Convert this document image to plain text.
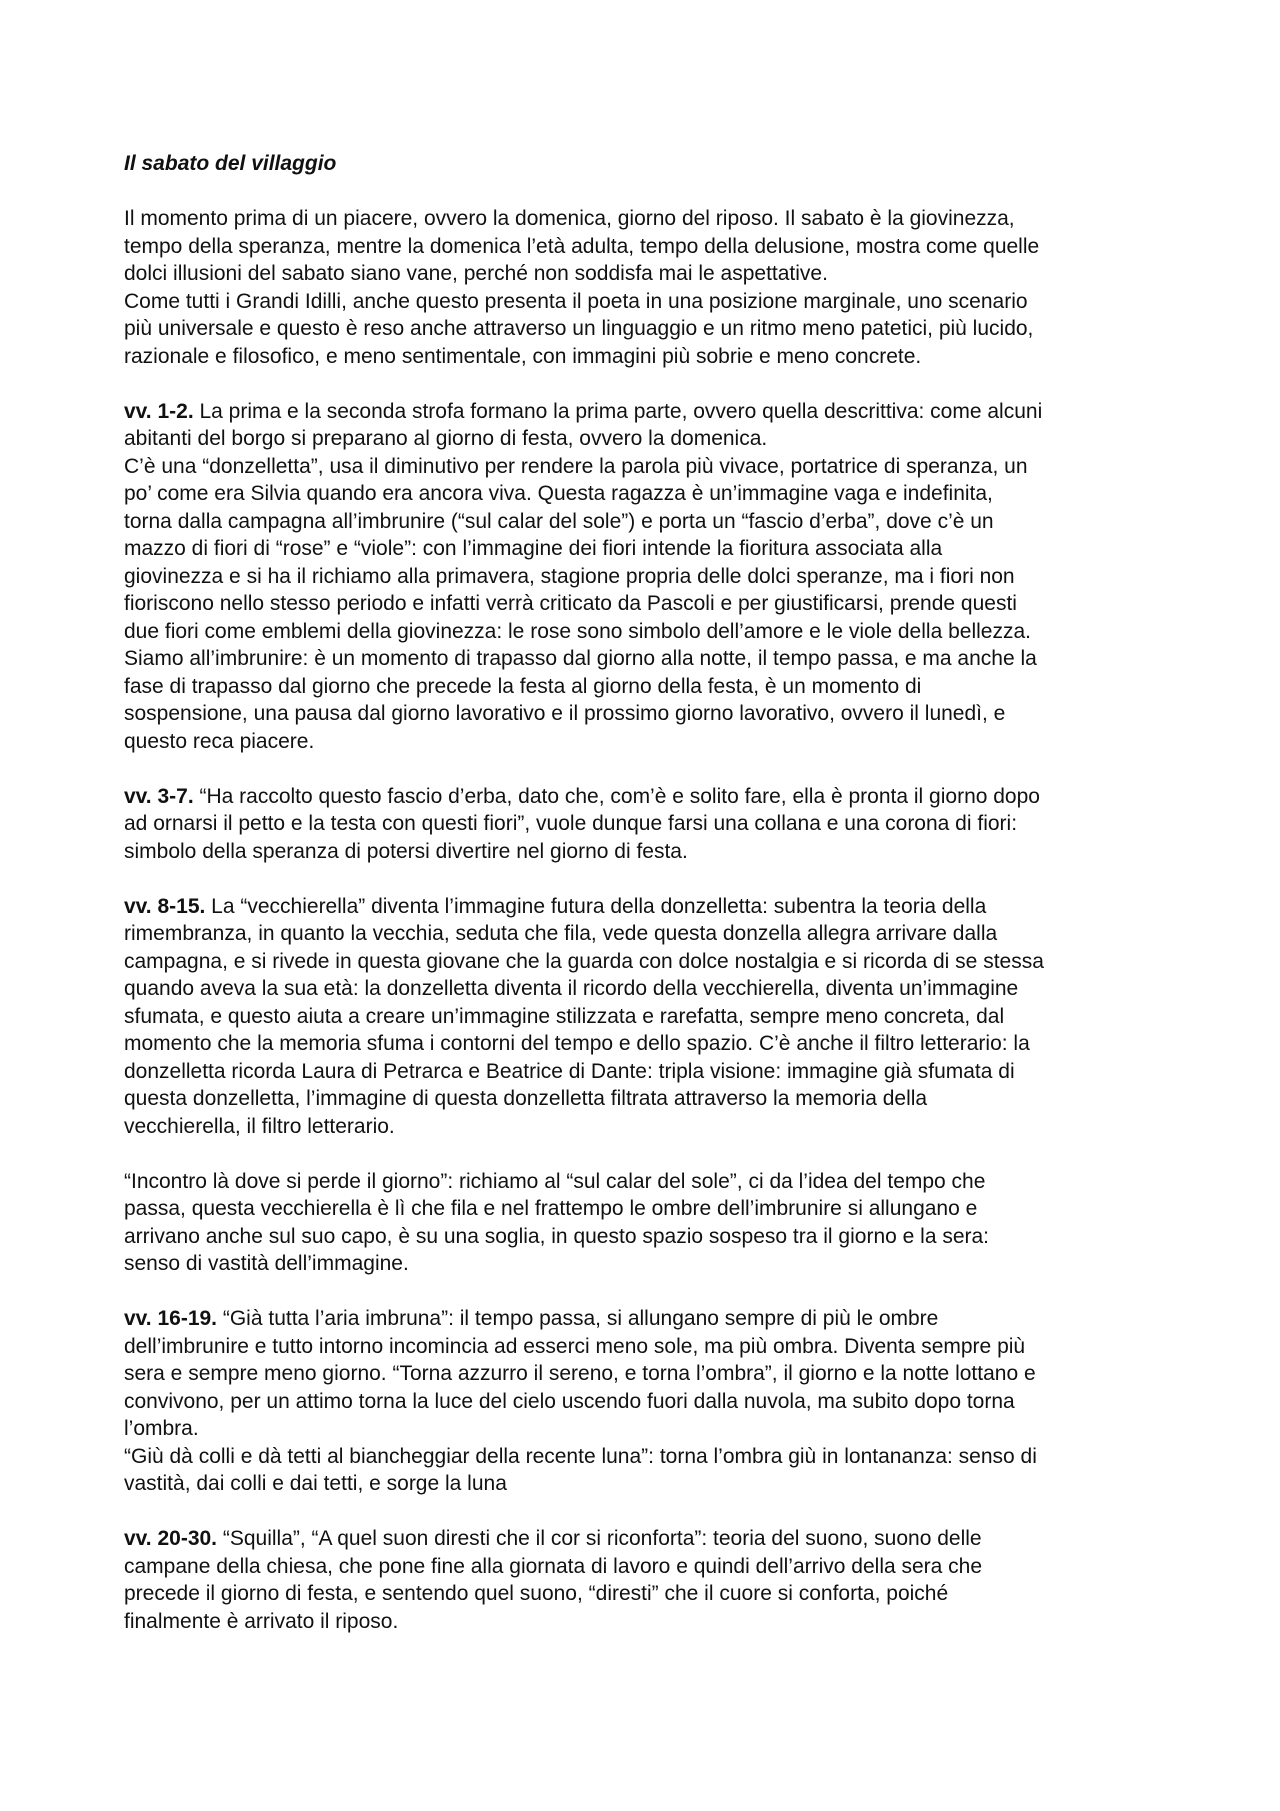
Il sabato del villaggio
Il momento prima di un piacere, ovvero la domenica, giorno del riposo. Il sabato è la giovinezza,
tempo della speranza, mentre la domenica l’età adulta, tempo della delusione, mostra come quelle
dolci illusioni del sabato siano vane, perché non soddisfa mai le aspettative.
Come tutti i Grandi Idilli, anche questo presenta il poeta in una posizione marginale, uno scenario
più universale e questo è reso anche attraverso un linguaggio e un ritmo meno patetici, più lucido,
razionale e filosofico, e meno sentimentale, con immagini più sobrie e meno concrete.
vv. 1-2. La prima e la seconda strofa formano la prima parte, ovvero quella descrittiva: come alcuni
abitanti del borgo si preparano al giorno di festa, ovvero la domenica.
C’è una “donzelletta”, usa il diminutivo per rendere la parola più vivace, portatrice di speranza, un
po’ come era Silvia quando era ancora viva. Questa ragazza è un’immagine vaga e indefinita,
torna dalla campagna all’imbrunire (“sul calar del sole”) e porta un “fascio d’erba”, dove c’è un
mazzo di fiori di “rose” e “viole”: con l’immagine dei fiori intende la fioritura associata alla
giovinezza e si ha il richiamo alla primavera, stagione propria delle dolci speranze, ma i fiori non
fioriscono nello stesso periodo e infatti verrà criticato da Pascoli e per giustificarsi, prende questi
due fiori come emblemi della giovinezza: le rose sono simbolo dell’amore e le viole della bellezza.
Siamo all’imbrunire: è un momento di trapasso dal giorno alla notte, il tempo passa, e ma anche la
fase di trapasso dal giorno che precede la festa al giorno della festa, è un momento di
sospensione, una pausa dal giorno lavorativo e il prossimo giorno lavorativo, ovvero il lunedì, e
questo reca piacere.
vv. 3-7. “Ha raccolto questo fascio d’erba, dato che, com’è e solito fare, ella è pronta il giorno dopo
ad ornarsi il petto e la testa con questi fiori”, vuole dunque farsi una collana e una corona di fiori:
simbolo della speranza di potersi divertire nel giorno di festa.
vv. 8-15. La “vecchierella” diventa l’immagine futura della donzelletta: subentra la teoria della
rimembranza, in quanto la vecchia, seduta che fila, vede questa donzella allegra arrivare dalla
campagna, e si rivede in questa giovane che la guarda con dolce nostalgia e si ricorda di se stessa
quando aveva la sua età: la donzelletta diventa il ricordo della vecchierella, diventa un’immagine
sfumata, e questo aiuta a creare un’immagine stilizzata e rarefatta, sempre meno concreta, dal
momento che la memoria sfuma i contorni del tempo e dello spazio. C’è anche il filtro letterario: la
donzelletta ricorda Laura di Petrarca e Beatrice di Dante: tripla visione: immagine già sfumata di
questa donzelletta, l’immagine di questa donzelletta filtrata attraverso la memoria della
vecchierella, il filtro letterario.
“Incontro là dove si perde il giorno”: richiamo al “sul calar del sole”, ci da l’idea del tempo che
passa, questa vecchierella è lì che fila e nel frattempo le ombre dell’imbrunire si allungano e
arrivano anche sul suo capo, è su una soglia, in questo spazio sospeso tra il giorno e la sera:
senso di vastità dell’immagine.
vv. 16-19. “Già tutta l’aria imbruna”: il tempo passa, si allungano sempre di più le ombre
dell’imbrunire e tutto intorno incomincia ad esserci meno sole, ma più ombra. Diventa sempre più
sera e sempre meno giorno. “Torna azzurro il sereno, e torna l’ombra”, il giorno e la notte lottano e
convivono, per un attimo torna la luce del cielo uscendo fuori dalla nuvola, ma subito dopo torna
l’ombra.
“Giù dà colli e dà tetti al biancheggiar della recente luna”: torna l’ombra giù in lontananza: senso di
vastità, dai colli e dai tetti, e sorge la luna
vv. 20-30. “Squilla”, “A quel suon diresti che il cor si riconforta”: teoria del suono, suono delle
campane della chiesa, che pone fine alla giornata di lavoro e quindi dell’arrivo della sera che
precede il giorno di festa, e sentendo quel suono, “diresti” che il cuore si conforta, poiché
finalmente è arrivato il riposo.
